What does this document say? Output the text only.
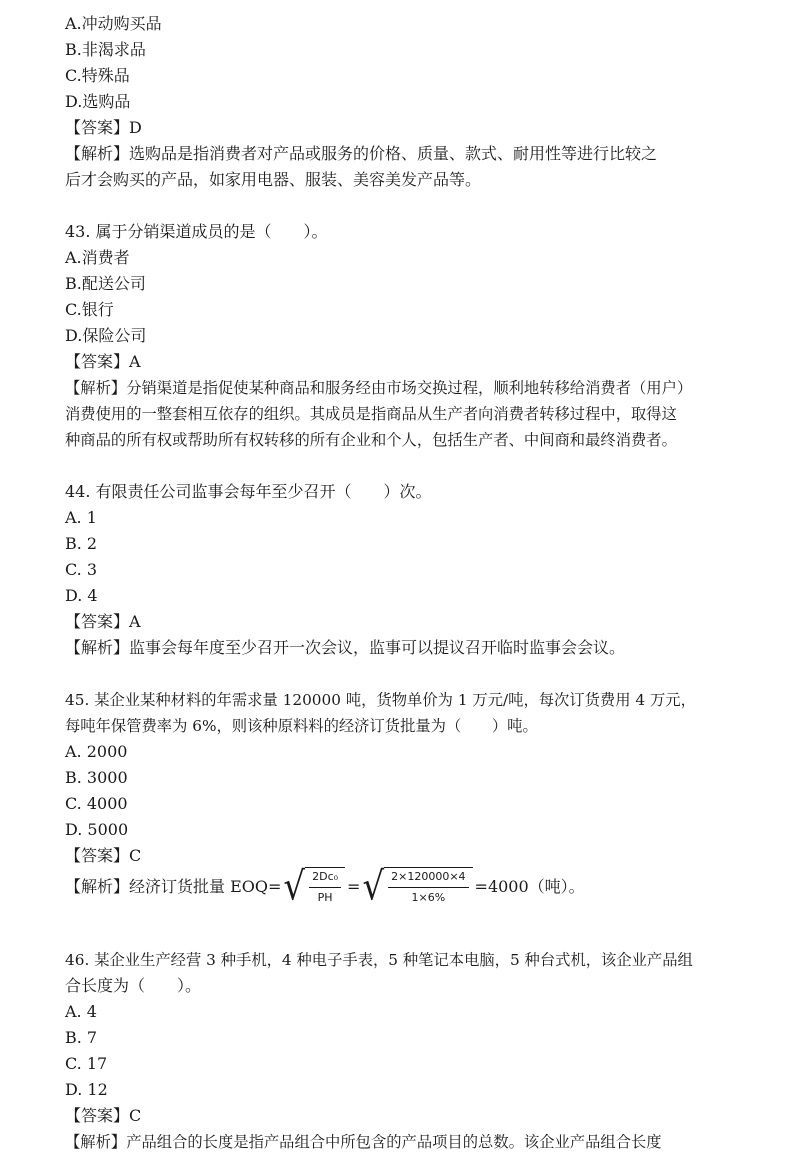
A.冲动购买品
B.非渴求品
C.特殊品
D.选购品
【答案】D
【解析】选购品是指消费者对产品或服务的价格、质量、款式、耐用性等进行比较之
后才会购买的产品，如家用电器、服装、美容美发产品等。
43. 属于分销渠道成员的是（　　）。
A.消费者
B.配送公司
C.银行
D.保险公司
【答案】A
【解析】分销渠道是指促使某种商品和服务经由市场交换过程，顺利地转移给消费者（用户）
消费使用的一整套相互依存的组织。其成员是指商品从生产者向消费者转移过程中，取得这
种商品的所有权或帮助所有权转移的所有企业和个人，包括生产者、中间商和最终消费者。
44. 有限责任公司监事会每年至少召开（　　）次。
A. 1
B. 2
C. 3
D. 4
【答案】A
【解析】监事会每年度至少召开一次会议，监事可以提议召开临时监事会会议。
45. 某企业某种材料的年需求量 120000 吨，货物单价为 1 万元/吨，每次订货费用 4 万元，
每吨年保管费率为 6%，则该种原料料的经济订货批量为（　　）吨。
A. 2000
B. 3000
C. 4000
D. 5000
【答案】C
【解析】经济订货批量 EOQ= √ $\frac{\text{2Dc₀}}{PH}$ = √ $\frac{2\times 120000\times 4}{1\times 6\%} =4000$（吨）。
46. 某企业生产经营 3 种手机，4 种电子手表，5 种笔记本电脑，5 种台式机，该企业产品组
合长度为（　　）。
A. 4
B. 7
C. 17
D. 12
【答案】C
【解析】产品组合的长度是指产品组合中所包含的产品项目的总数。该企业产品组合长度
